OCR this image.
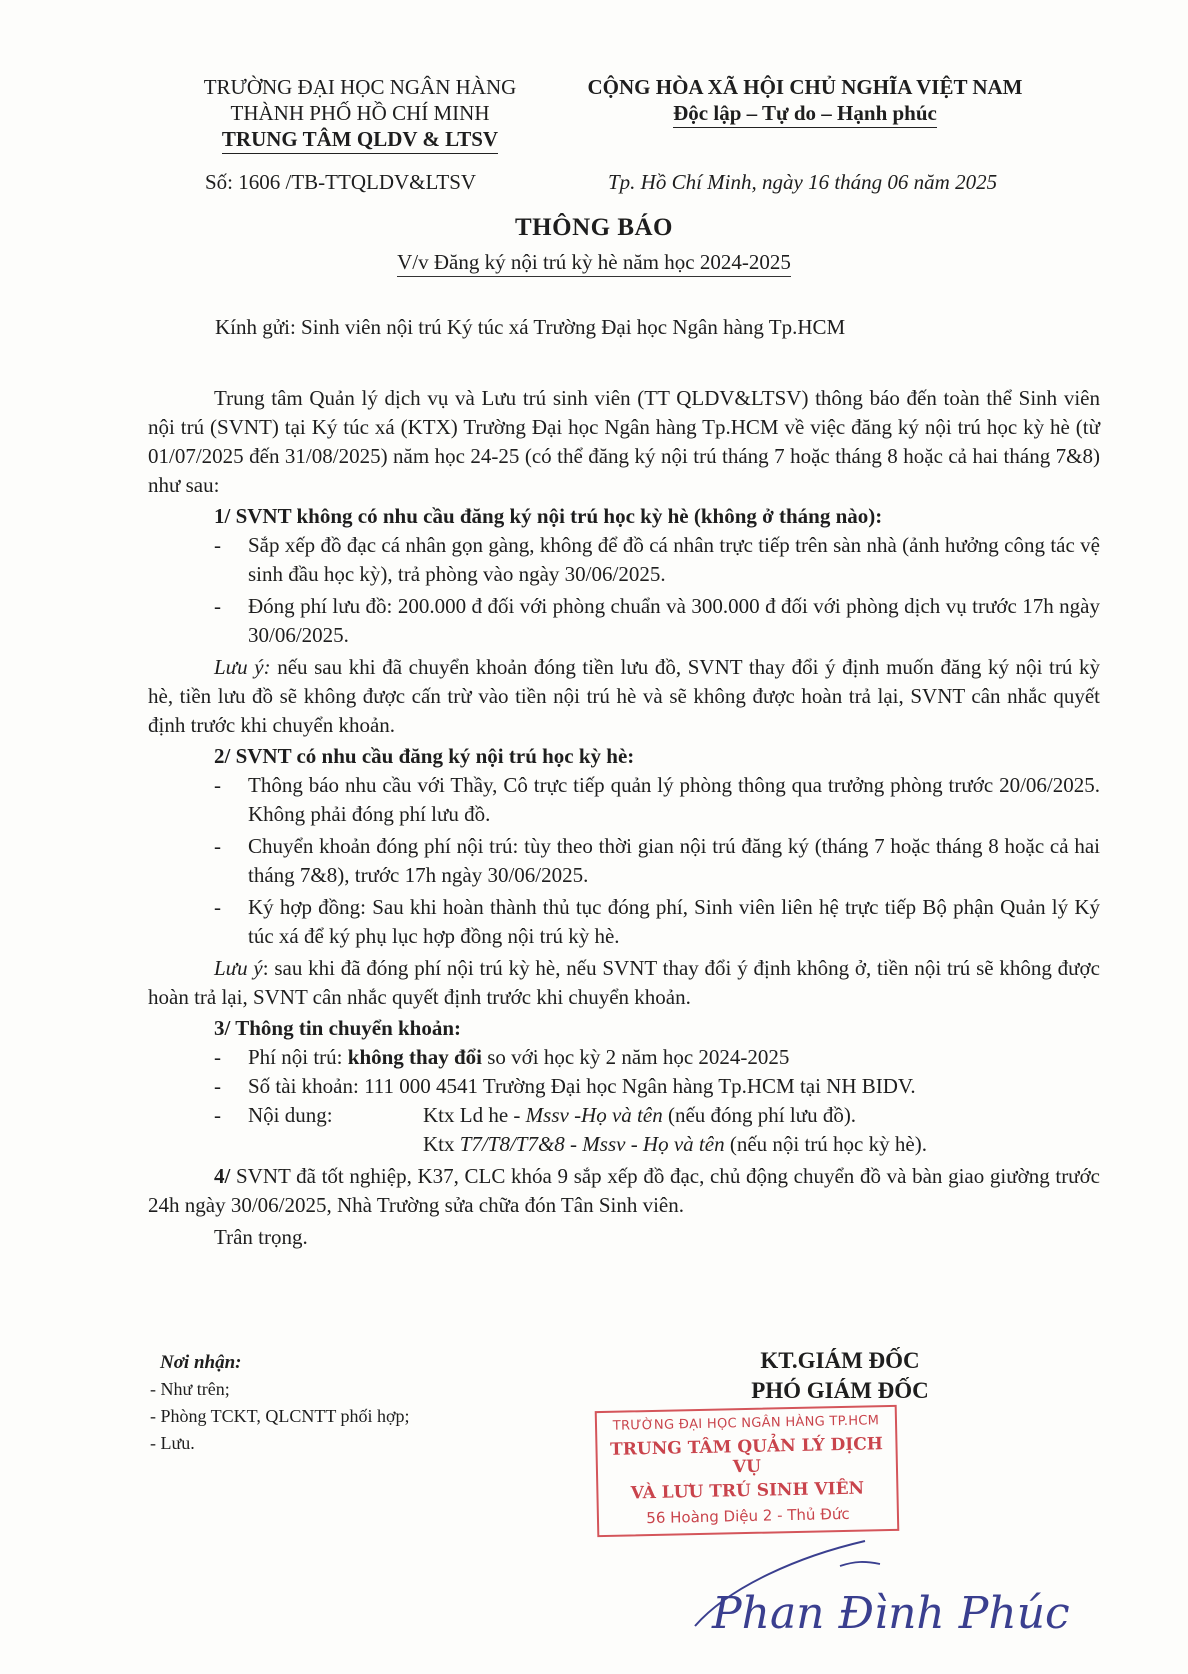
TRƯỜNG ĐẠI HỌC NGÂN HÀNG
THÀNH PHỐ HỒ CHÍ MINH
TRUNG TÂM QLDV & LTSV
CỘNG HÒA XÃ HỘI CHỦ NGHĨA VIỆT NAM
Độc lập – Tự do – Hạnh phúc
Số: 1606 /TB-TTQLDV&LTSV	Tp. Hồ Chí Minh, ngày 16 tháng 06 năm 2025
THÔNG BÁO
V/v Đăng ký nội trú kỳ hè năm học 2024-2025
Kính gửi: Sinh viên nội trú Ký túc xá Trường Đại học Ngân hàng Tp.HCM

Trung tâm Quản lý dịch vụ và Lưu trú sinh viên (TT QLDV&LTSV) thông báo đến toàn thể Sinh viên nội trú (SVNT) tại Ký túc xá (KTX) Trường Đại học Ngân hàng Tp.HCM về việc đăng ký nội trú học kỳ hè (từ 01/07/2025 đến 31/08/2025) năm học 24-25 (có thể đăng ký nội trú tháng 7 hoặc tháng 8 hoặc cả hai tháng 7&8) như sau:

1/ SVNT không có nhu cầu đăng ký nội trú học kỳ hè (không ở tháng nào):

- Sắp xếp đồ đạc cá nhân gọn gàng, không để đồ cá nhân trực tiếp trên sàn nhà (ảnh hưởng công tác vệ sinh đầu học kỳ), trả phòng vào ngày 30/06/2025.

- Đóng phí lưu đồ: 200.000 đ đối với phòng chuẩn và 300.000 đ đối với phòng dịch vụ trước 17h ngày 30/06/2025.

Lưu ý: nếu sau khi đã chuyển khoản đóng tiền lưu đồ, SVNT thay đổi ý định muốn đăng ký nội trú kỳ hè, tiền lưu đồ sẽ không được cấn trừ vào tiền nội trú hè và sẽ không được hoàn trả lại, SVNT cân nhắc quyết định trước khi chuyển khoản.

2/ SVNT có nhu cầu đăng ký nội trú học kỳ hè:

- Thông báo nhu cầu với Thầy, Cô trực tiếp quản lý phòng thông qua trưởng phòng trước 20/06/2025. Không phải đóng phí lưu đồ.

- Chuyển khoản đóng phí nội trú: tùy theo thời gian nội trú đăng ký (tháng 7 hoặc tháng 8 hoặc cả hai tháng 7&8), trước 17h ngày 30/06/2025.

- Ký hợp đồng: Sau khi hoàn thành thủ tục đóng phí, Sinh viên liên hệ trực tiếp Bộ phận Quản lý Ký túc xá để ký phụ lục hợp đồng nội trú kỳ hè.

Lưu ý: sau khi đã đóng phí nội trú kỳ hè, nếu SVNT thay đổi ý định không ở, tiền nội trú sẽ không được hoàn trả lại, SVNT cân nhắc quyết định trước khi chuyển khoản.

3/ Thông tin chuyển khoản:

- Phí nội trú: không thay đổi so với học kỳ 2 năm học 2024-2025

- Số tài khoản: 111 000 4541 Trường Đại học Ngân hàng Tp.HCM tại NH BIDV.

- Nội dung:	Ktx Ld he - Mssv -Họ và tên (nếu đóng phí lưu đồ).
Ktx T7/T8/T7&8 - Mssv - Họ và tên (nếu nội trú học kỳ hè).

4/ SVNT đã tốt nghiệp, K37, CLC khóa 9 sắp xếp đồ đạc, chủ động chuyển đồ và bàn giao giường trước 24h ngày 30/06/2025, Nhà Trường sửa chữa đón Tân Sinh viên.

Trân trọng.

Nơi nhận:
- Như trên;
- Phòng TCKT, QLCNTT phối hợp;
- Lưu.
KT.GIÁM ĐỐC
PHÓ GIÁM ĐỐC
TRƯỜNG ĐẠI HỌC NGÂN HÀNG TP.HCM
TRUNG TÂM QUẢN LÝ DỊCH VỤ
VÀ LƯU TRÚ SINH VIÊN
56 Hoàng Diệu 2 - Thủ Đức
Phan Đình Phúc
